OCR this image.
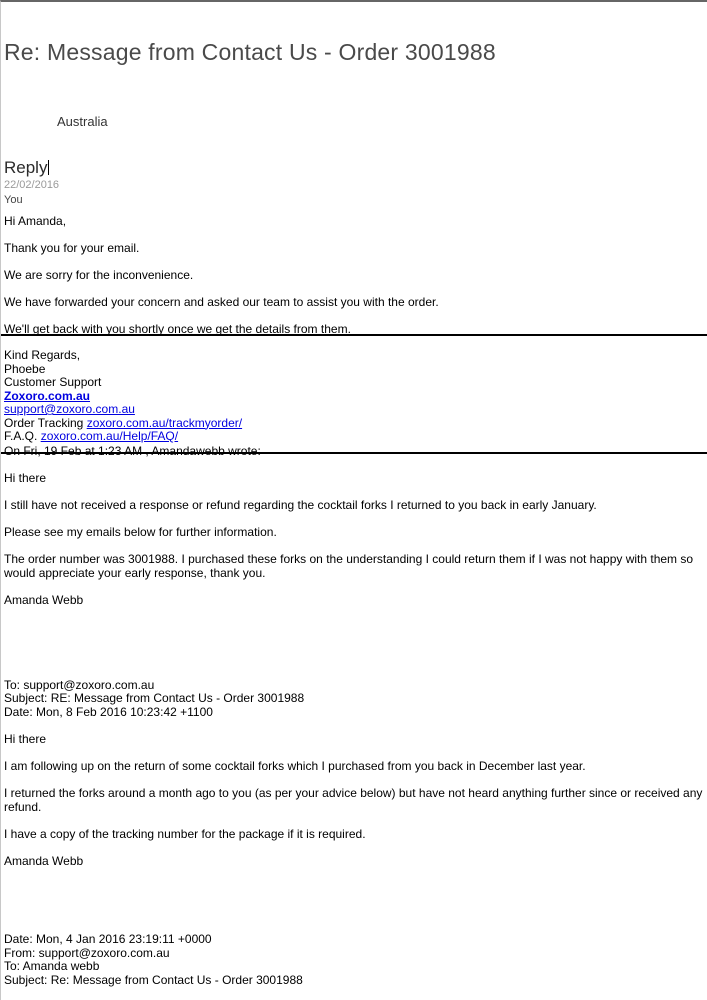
Re: Message from Contact Us - Order 3001988
Australia
Reply
22/02/2016
You

Hi Amanda,

Thank you for your email.

We are sorry for the inconvenience.

We have forwarded your concern and asked our team to assist you with the order.

We'll get back with you shortly once we get the details from them.
Kind Regards,
Phoebe
Customer Support
Zoxoro.com.au
support@zoxoro.com.au
Order Tracking zoxoro.com.au/trackmyorder/
F.A.Q. zoxoro.com.au/Help/FAQ/
On Fri, 19 Feb at 1:23 AM , Amandawebb wrote:

Hi there

I still have not received a response or refund regarding the cocktail forks I returned to you back in early January.

Please see my emails below for further information.

The order number was 3001988. I purchased these forks on the understanding I could return them if I was not happy with them so would appreciate your early response, thank you.

Amanda Webb

To: support@zoxoro.com.au
Subject: RE: Message from Contact Us - Order 3001988
Date: Mon, 8 Feb 2016 10:23:42 +1100

Hi there

I am following up on the return of some cocktail forks which I purchased from you back in December last year.

I returned the forks around a month ago to you (as per your advice below) but have not heard anything further since or received any refund.

I have a copy of the tracking number for the package if it is required.

Amanda Webb

Date: Mon, 4 Jan 2016 23:19:11 +0000
From: support@zoxoro.com.au
To: Amanda webb
Subject: Re: Message from Contact Us - Order 3001988
